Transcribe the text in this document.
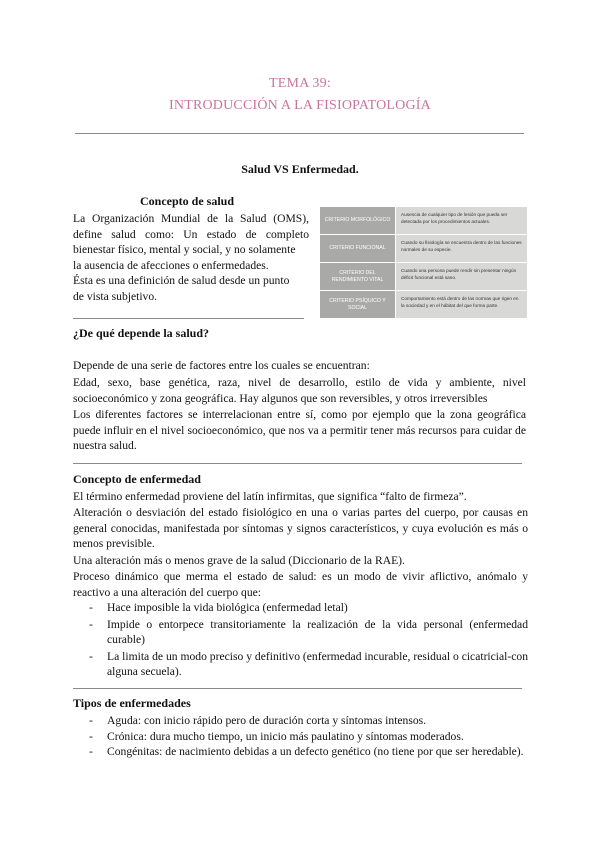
TEMA 39:
INTRODUCCIÓN A LA FISIOPATOLOGÍA
Salud VS Enfermedad.
Concepto de salud
La Organización Mundial de la Salud (OMS),
define salud como: Un estado de completo
bienestar físico, mental y social, y no solamente
la ausencia de afecciones o enfermedades.
Ésta es una definición de salud desde un punto
de vista subjetivo.
CRITERIO MORFOLÓGICO
Ausencia de cualquier tipo de lesión que pueda ser detectada por los procedimientos actuales.
CRITERIO FUNCIONAL
Cuando su fisiología se encuentra dentro de las funciones normales de su especie.
CRITERIO DEL RENDIMIENTO VITAL
Cuando una persona puede rendir sin presentar ningún déficit funcional está sano.
CRITERIO PSÍQUICO Y SOCIAL
Comportamiento está dentro de las normas que rigen en la sociedad y en el hábitat del que forma parte.
¿De qué depende la salud?
Depende de una serie de factores entre los cuales se encuentran:
Edad, sexo, base genética, raza, nivel de desarrollo, estilo de vida y ambiente, nivel socioeconómico y zona geográfica. Hay algunos que son reversibles, y otros irreversibles
Los diferentes factores se interrelacionan entre sí, como por ejemplo que la zona geográfica puede influir en el nivel socioeconómico, que nos va a permitir tener más recursos para cuidar de nuestra salud.
Concepto de enfermedad
El término enfermedad proviene del latín infirmitas, que significa “falto de firmeza”.
Alteración o desviación del estado fisiológico en una o varias partes del cuerpo, por causas en general conocidas, manifestada por síntomas y signos característicos, y cuya evolución es más o menos previsible.
Una alteración más o menos grave de la salud (Diccionario de la RAE).
Proceso dinámico que merma el estado de salud: es un modo de vivir aflictivo, anómalo y reactivo a una alteración del cuerpo que:
- Hace imposible la vida biológica (enfermedad letal)
- Impide o entorpece transitoriamente la realización de la vida personal (enfermedad curable)
- La limita de un modo preciso y definitivo (enfermedad incurable, residual o cicatricial-con alguna secuela).
Tipos de enfermedades
- Aguda: con inicio rápido pero de duración corta y síntomas intensos.
- Crónica: dura mucho tiempo, un inicio más paulatino y síntomas moderados.
- Congénitas: de nacimiento debidas a un defecto genético (no tiene por que ser heredable).
